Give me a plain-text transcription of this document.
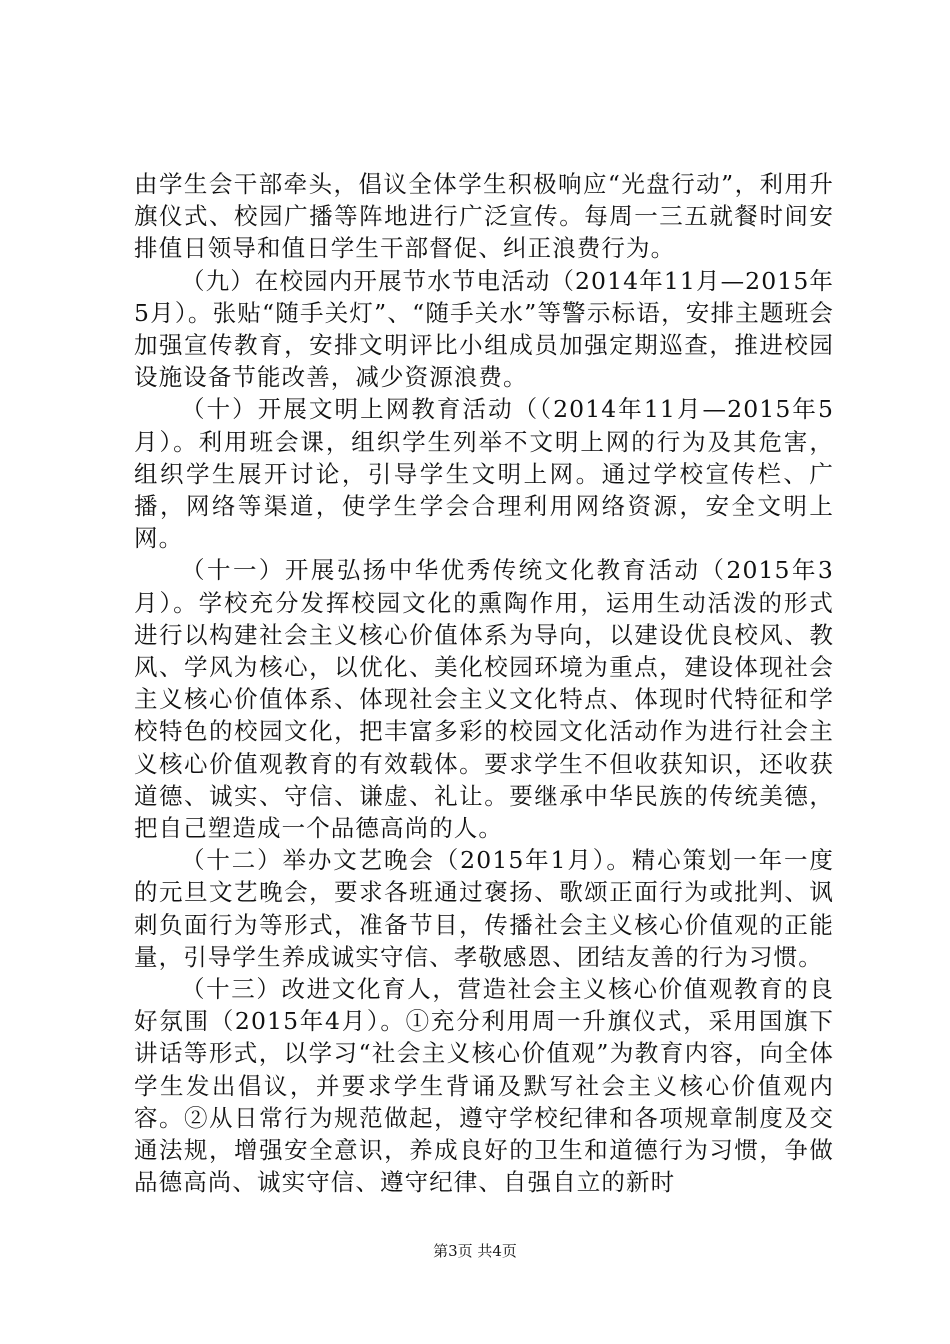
由学生会干部牵头，倡议全体学生积极响应“光盘行动”，利用升旗仪式、校园广播等阵地进行广泛宣传。每周一三五就餐时间安排值日领导和值日学生干部督促、纠正浪费行为。

（九）在校园内开展节水节电活动（2014年11月—2015年5月）。张贴“随手关灯”、“随手关水”等警示标语，安排主题班会加强宣传教育，安排文明评比小组成员加强定期巡查，推进校园设施设备节能改善，减少资源浪费。

（十）开展文明上网教育活动（（2014年11月—2015年5月）。利用班会课，组织学生列举不文明上网的行为及其危害，组织学生展开讨论，引导学生文明上网。通过学校宣传栏、广播，网络等渠道，使学生学会合理利用网络资源，安全文明上网。

（十一）开展弘扬中华优秀传统文化教育活动（2015年3月）。学校充分发挥校园文化的熏陶作用，运用生动活泼的形式进行以构建社会主义核心价值体系为导向，以建设优良校风、教风、学风为核心，以优化、美化校园环境为重点，建设体现社会主义核心价值体系、体现社会主义文化特点、体现时代特征和学校特色的校园文化，把丰富多彩的校园文化活动作为进行社会主义核心价值观教育的有效载体。要求学生不但收获知识，还收获道德、诚实、守信、谦虚、礼让。要继承中华民族的传统美德，把自己塑造成一个品德高尚的人。

（十二）举办文艺晚会（2015年1月）。精心策划一年一度的元旦文艺晚会，要求各班通过褒扬、歌颂正面行为或批判、讽刺负面行为等形式，准备节目，传播社会主义核心价值观的正能量，引导学生养成诚实守信、孝敬感恩、团结友善的行为习惯。

（十三）改进文化育人，营造社会主义核心价值观教育的良好氛围（2015年4月）。①充分利用周一升旗仪式，采用国旗下讲话等形式，以学习“社会主义核心价值观”为教育内容，向全体学生发出倡议，并要求学生背诵及默写社会主义核心价值观内容。②从日常行为规范做起，遵守学校纪律和各项规章制度及交通法规，增强安全意识，养成良好的卫生和道德行为习惯，争做品德高尚、诚实守信、遵守纪律、自强自立的新时

第3页 共4页
